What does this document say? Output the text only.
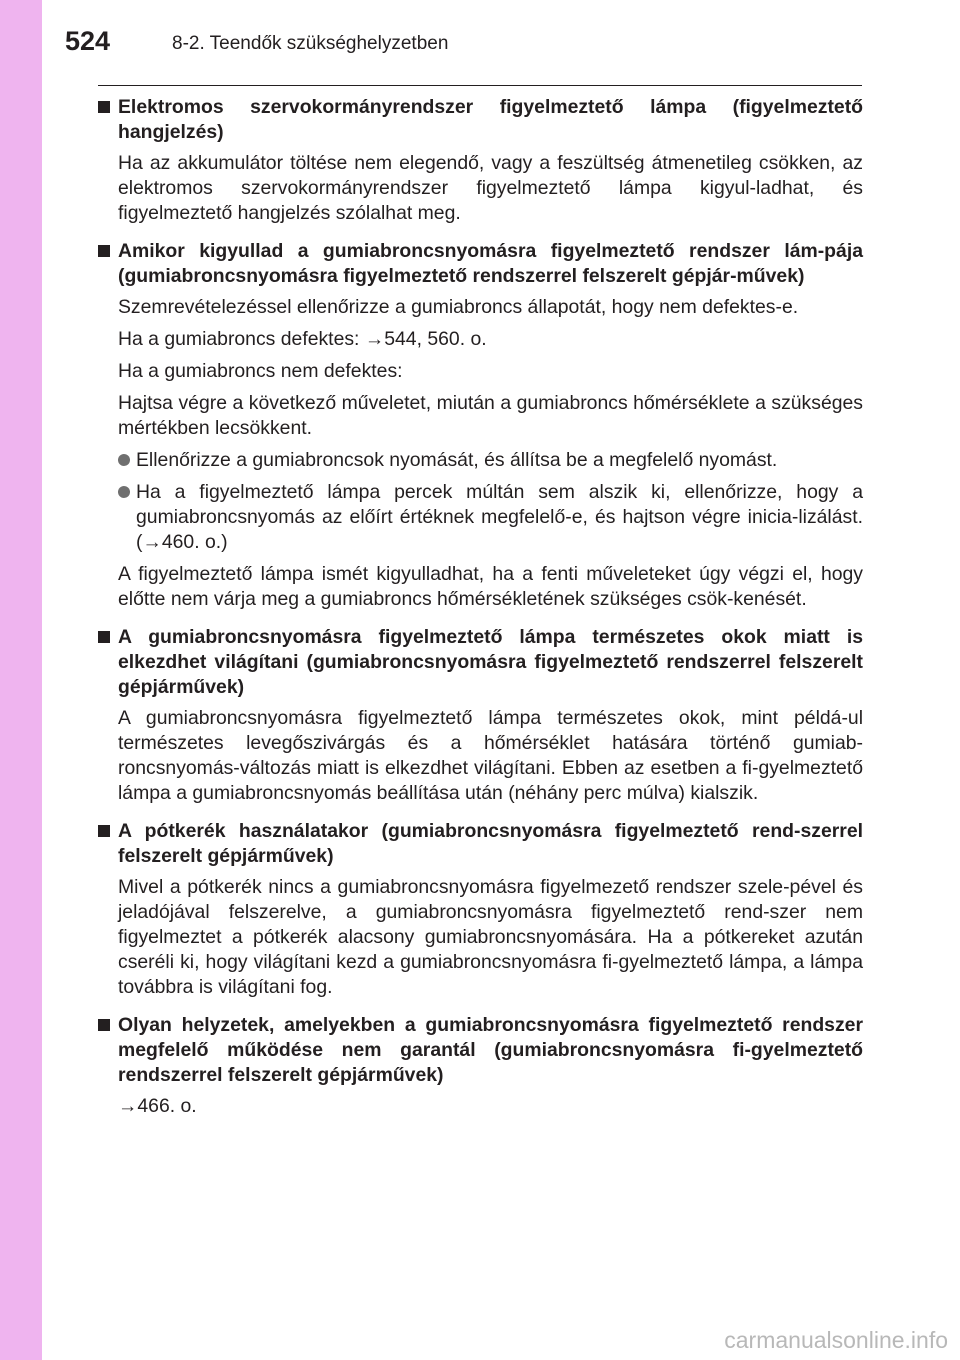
524	8-2. Teendők szükséghelyzetben
Elektromos szervokormányrendszer figyelmeztető lámpa (figyelmeztető hangjelzés)

Ha az akkumulátor töltése nem elegendő, vagy a feszültség átmenetileg csökken, az elektromos szervokormányrendszer figyelmeztető lámpa kigyul-ladhat, és figyelmeztető hangjelzés szólalhat meg.

Amikor kigyullad a gumiabroncsnyomásra figyelmeztető rendszer lám-pája (gumiabroncsnyomásra figyelmeztető rendszerrel felszerelt gépjár-művek)

Szemrevételezéssel ellenőrizze a gumiabroncs állapotát, hogy nem defektes-e.

Ha a gumiabroncs defektes: →544, 560. o.

Ha a gumiabroncs nem defektes:

Hajtsa végre a következő műveletet, miután a gumiabroncs hőmérséklete a szükséges mértékben lecsökkent.

Ellenőrizze a gumiabroncsok nyomását, és állítsa be a megfelelő nyomást.
Ha a figyelmeztető lámpa percek múltán sem alszik ki, ellenőrizze, hogy a gumiabroncsnyomás az előírt értéknek megfelelő-e, és hajtson végre inicia-lizálást. (→460. o.)

A figyelmeztető lámpa ismét kigyulladhat, ha a fenti műveleteket úgy végzi el, hogy előtte nem várja meg a gumiabroncs hőmérsékletének szükséges csök-kenését.

A gumiabroncsnyomásra figyelmeztető lámpa természetes okok miatt is elkezdhet világítani (gumiabroncsnyomásra figyelmeztető rendszerrel felszerelt gépjárművek)

A gumiabroncsnyomásra figyelmeztető lámpa természetes okok, mint példá-ul természetes levegőszivárgás és a hőmérséklet hatására történő gumiab-roncsnyomás-változás miatt is elkezdhet világítani. Ebben az esetben a fi-gyelmeztető lámpa a gumiabroncsnyomás beállítása után (néhány perc múlva) kialszik.

A pótkerék használatakor (gumiabroncsnyomásra figyelmeztető rend-szerrel felszerelt gépjárművek)

Mivel a pótkerék nincs a gumiabroncsnyomásra figyelmezető rendszer szele-pével és jeladójával felszerelve, a gumiabroncsnyomásra figyelmeztető rend-szer nem figyelmeztet a pótkerék alacsony gumiabroncsnyomására. Ha a pótkereket azután cseréli ki, hogy világítani kezd a gumiabroncsnyomásra fi-gyelmeztető lámpa, a lámpa továbbra is világítani fog.

Olyan helyzetek, amelyekben a gumiabroncsnyomásra figyelmeztető rendszer megfelelő működése nem garantál (gumiabroncsnyomásra fi-gyelmeztető rendszerrel felszerelt gépjárművek)

→466. o.

carmanualsonline.info
